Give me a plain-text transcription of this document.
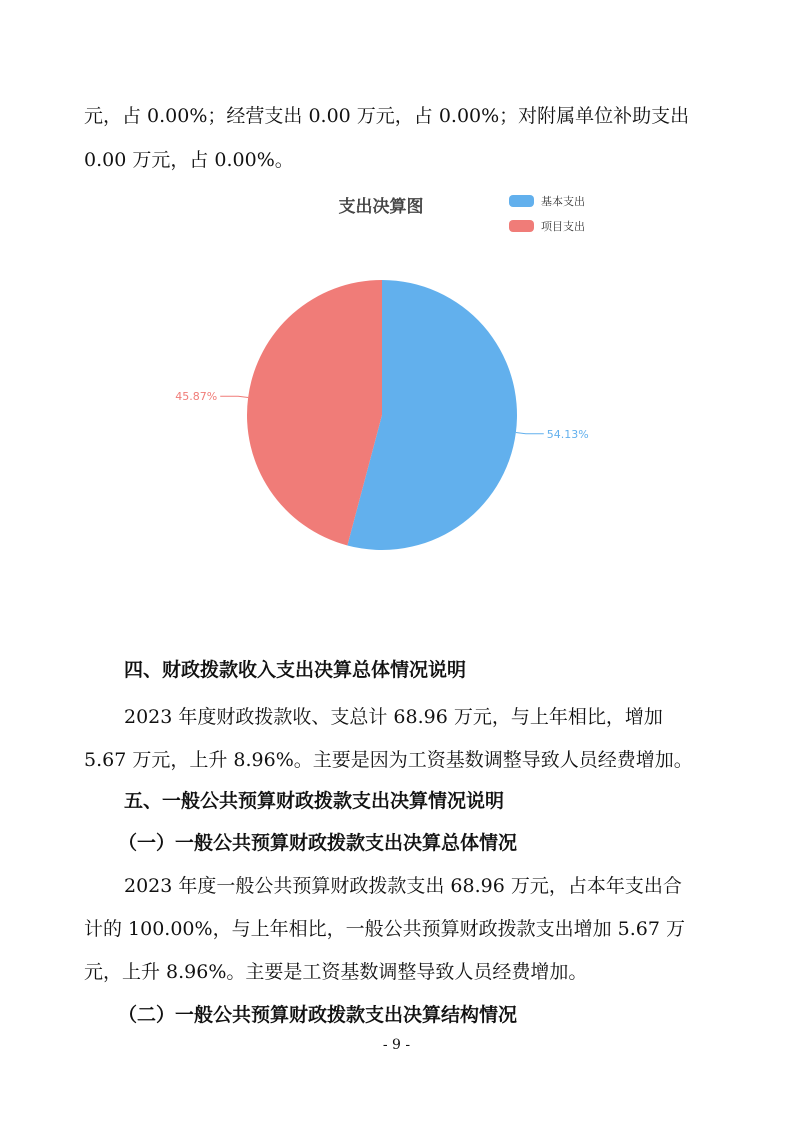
元，占 0.00%；经营支出 0.00 万元，占 0.00%；对附属单位补助支出
0.00 万元，占 0.00%。
支出决算图	基本支出
项目支出
54.13%
45.87%
四、财政拨款收入支出决算总体情况说明
2023 年度财政拨款收、支总计 68.96 万元，与上年相比，增加
5.67 万元，上升 8.96%。主要是因为工资基数调整导致人员经费增加。
五、一般公共预算财政拨款支出决算情况说明
（一）一般公共预算财政拨款支出决算总体情况
2023 年度一般公共预算财政拨款支出 68.96 万元，占本年支出合
计的 100.00%，与上年相比，一般公共预算财政拨款支出增加 5.67 万
元，上升 8.96%。主要是工资基数调整导致人员经费增加。
（二）一般公共预算财政拨款支出决算结构情况
- 9 -
